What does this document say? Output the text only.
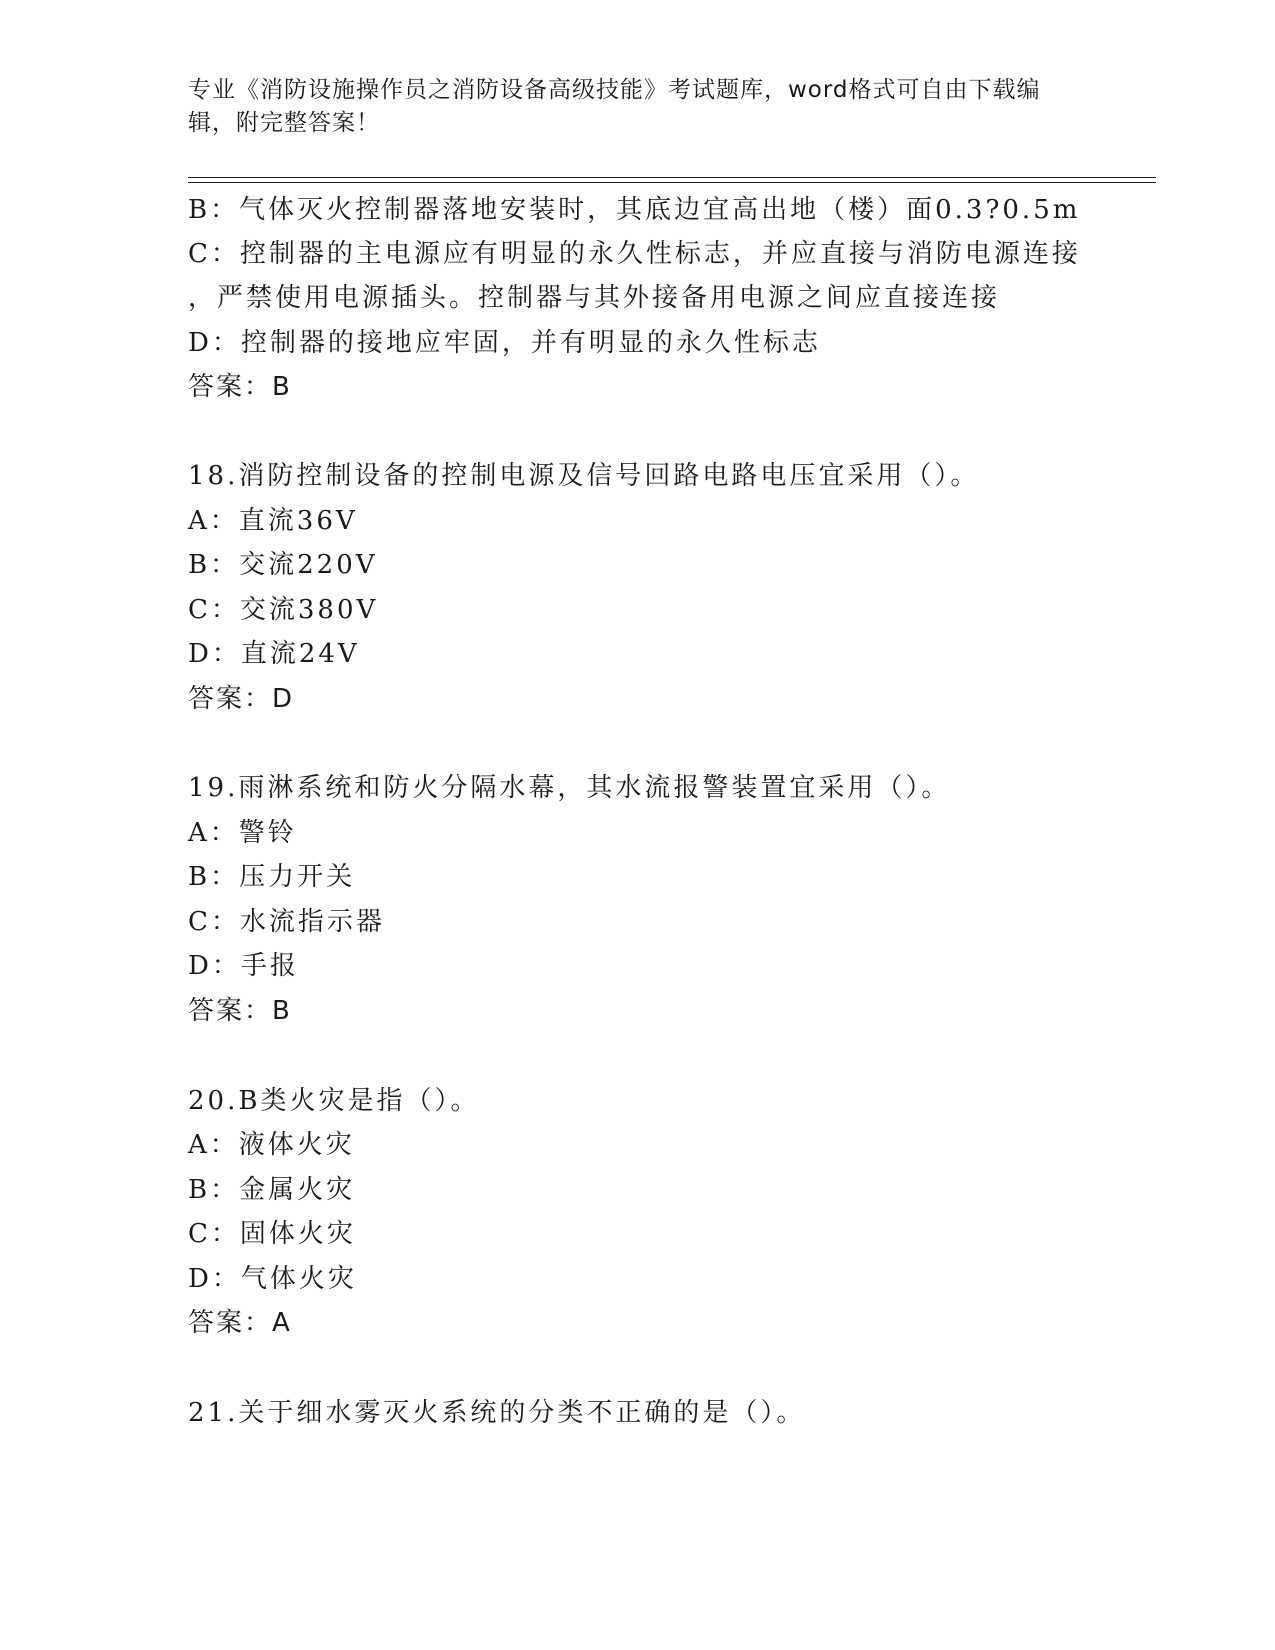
专业《消防设施操作员之消防设备高级技能》考试题库，word格式可自由下载编
辑，附完整答案！
B：气体灭火控制器落地安装时，其底边宜高出地（楼）面0.3?0.5m
C：控制器的主电源应有明显的永久性标志，并应直接与消防电源连接
，严禁使用电源插头。控制器与其外接备用电源之间应直接连接
D：控制器的接地应牢固，并有明显的永久性标志
答案：B
18.消防控制设备的控制电源及信号回路电路电压宜采用（）。
A：直流36V
B：交流220V
C：交流380V
D：直流24V
答案：D
19.雨淋系统和防火分隔水幕，其水流报警装置宜采用（）。
A：警铃
B：压力开关
C：水流指示器
D：手报
答案：B
20.B类火灾是指（）。
A：液体火灾
B：金属火灾
C：固体火灾
D：气体火灾
答案：A
21.关于细水雾灭火系统的分类不正确的是（）。
